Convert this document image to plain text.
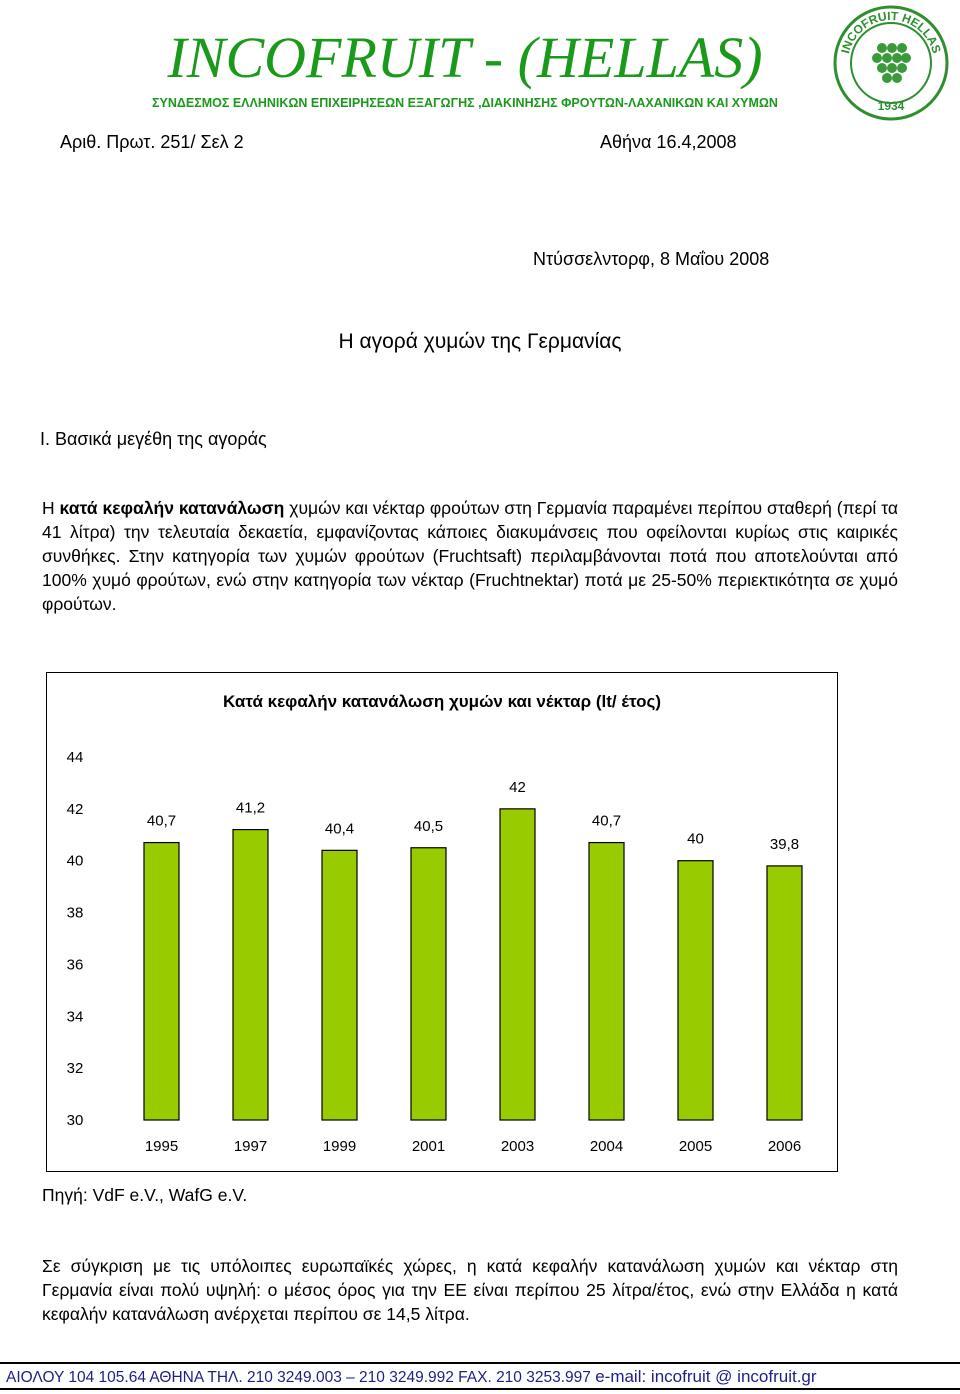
INCOFRUIT - (HELLAS)
ΣΥΝΔΕΣΜΟΣ ΕΛΛΗΝΙΚΩΝ ΕΠΙΧΕΙΡΗΣΕΩΝ ΕΞΑΓΩΓΗΣ ,ΔΙΑΚΙΝΗΣΗΣ ΦΡΟΥΤΩΝ-ΛΑΧΑΝΙΚΩΝ ΚΑΙ ΧΥΜΩΝ
INCOFRUIT HELLAS
1934
Αριθ. Πρωτ. 251/ Σελ 2	Αθήνα 16.4,2008
Ντύσσελντορφ, 8 Μαΐου 2008
Η αγορά χυμών της Γερμανίας
I. Βασικά μεγέθη της αγοράς
Η κατά κεφαλήν κατανάλωση χυμών και νέκταρ φρούτων στη Γερμανία παραμένει περίπου σταθερή (περί τα 41 λίτρα) την τελευταία δεκαετία, εμφανίζοντας κάποιες διακυμάνσεις που οφείλονται κυρίως στις καιρικές συνθήκες. Στην κατηγορία των χυμών φρούτων (Fruchtsaft) περιλαμβάνονται ποτά που αποτελούνται από 100% χυμό φρούτων, ενώ στην κατηγορία των νέκταρ (Fruchtnektar) ποτά με 25-50% περιεκτικότητα σε χυμό φρούτων.
Κατά κεφαλήν κατανάλωση χυμών και νέκταρ (lt/ έτος)
30
32
34
36
38
40
42
44
40,7
1995
41,2
1997
40,4
1999
40,5
2001
42
2003
40,7
2004
40
2005
39,8
2006
Πηγή: VdF e.V., WafG e.V.
Σε σύγκριση με τις υπόλοιπες ευρωπαϊκές χώρες, η κατά κεφαλήν κατανάλωση χυμών και νέκταρ στη Γερμανία είναι πολύ υψηλή: ο μέσος όρος για την ΕΕ είναι περίπου 25 λίτρα/έτος, ενώ στην Ελλάδα η κατά κεφαλήν κατανάλωση ανέρχεται περίπου σε 14,5 λίτρα.
ΑΙΟΛΟΥ 104 105.64 ΑΘΗΝΑ ΤΗΛ. 210 3249.003 – 210 3249.992 FAX. 210 3253.997 e-mail: incofruit @ incofruit.gr
